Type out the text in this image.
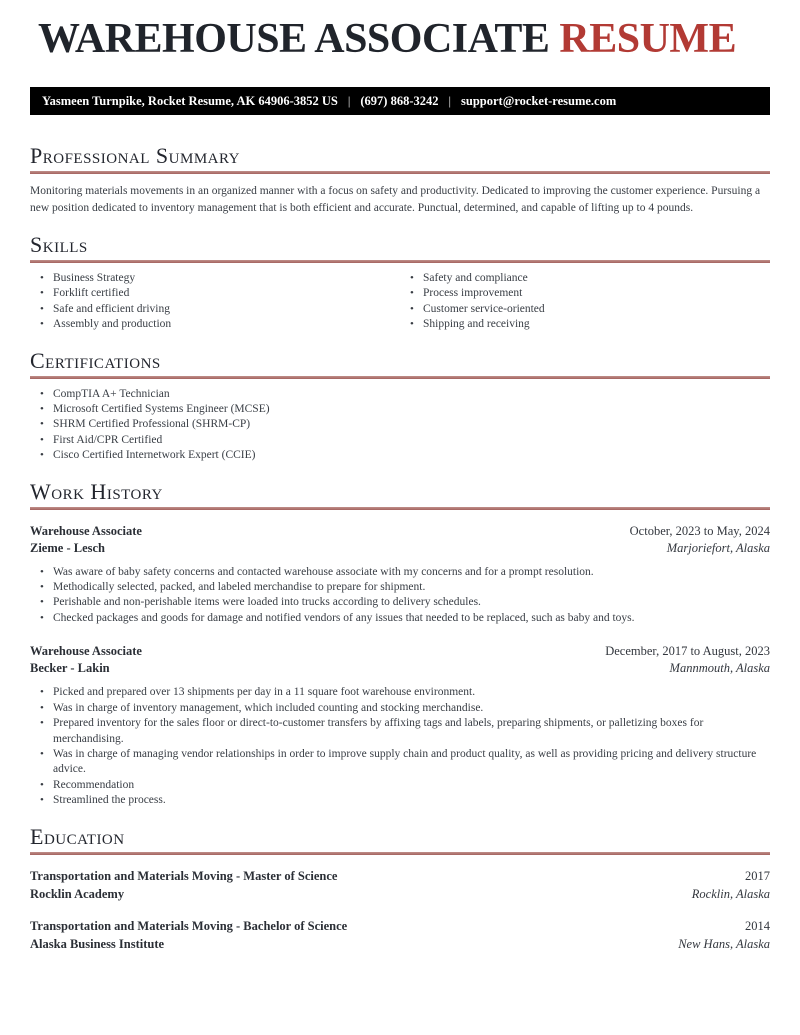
WAREHOUSE ASSOCIATE RESUME
Yasmeen Turnpike, Rocket Resume, AK 64906-3852 US | (697) 868-3242 | support@rocket-resume.com
Professional Summary

Monitoring materials movements in an organized manner with a focus on safety and productivity. Dedicated to improving the customer experience. Pursuing a new position dedicated to inventory management that is both efficient and accurate. Punctual, determined, and capable of lifting up to 4 pounds.

Skills
• Business Strategy
• Forklift certified
• Safe and efficient driving
• Assembly and production
• Safety and compliance
• Process improvement
• Customer service-oriented
• Shipping and receiving
Certifications
• CompTIA A+ Technician
• Microsoft Certified Systems Engineer (MCSE)
• SHRM Certified Professional (SHRM-CP)
• First Aid/CPR Certified
• Cisco Certified Internetwork Expert (CCIE)
Work History
Warehouse Associate	October, 2023 to May, 2024
Zieme - Lesch	Marjoriefort, Alaska
• Was aware of baby safety concerns and contacted warehouse associate with my concerns and for a prompt resolution.
• Methodically selected, packed, and labeled merchandise to prepare for shipment.
• Perishable and non-perishable items were loaded into trucks according to delivery schedules.
• Checked packages and goods for damage and notified vendors of any issues that needed to be replaced, such as baby and toys.
Warehouse Associate	December, 2017 to August, 2023
Becker - Lakin	Mannmouth, Alaska
• Picked and prepared over 13 shipments per day in a 11 square foot warehouse environment.
• Was in charge of inventory management, which included counting and stocking merchandise.
• Prepared inventory for the sales floor or direct-to-customer transfers by affixing tags and labels, preparing shipments, or palletizing boxes for merchandising.
• Was in charge of managing vendor relationships in order to improve supply chain and product quality, as well as providing pricing and delivery structure advice.
• Recommendation
• Streamlined the process.
Education
Transportation and Materials Moving - Master of Science	2017
Rocklin Academy	Rocklin, Alaska
Transportation and Materials Moving - Bachelor of Science	2014
Alaska Business Institute	New Hans, Alaska
